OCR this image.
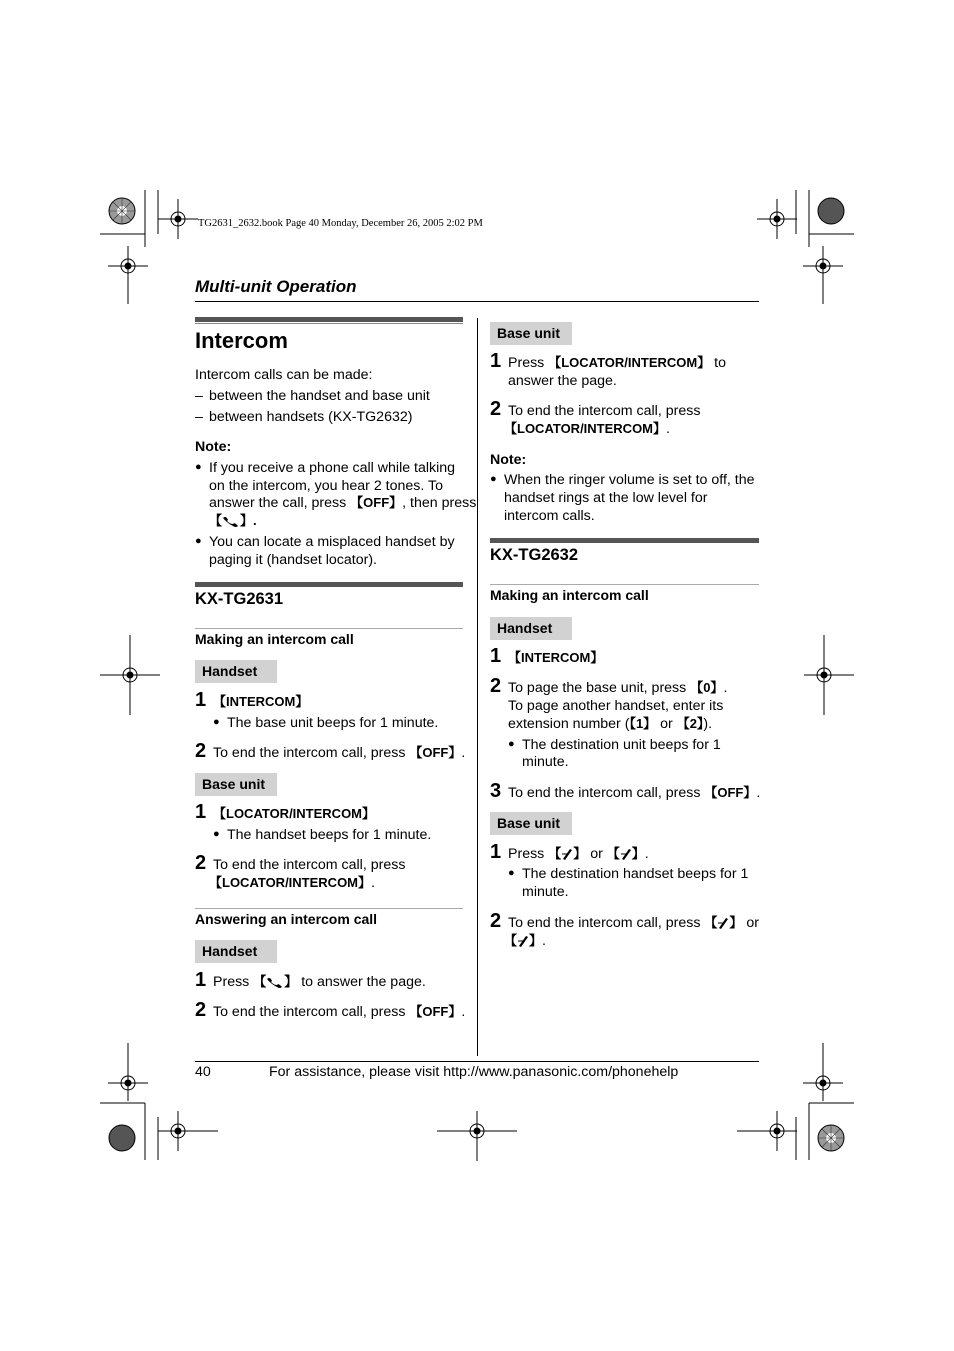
TG2631_2632.book Page 40 Monday, December 26, 2005 2:02 PM
Multi-unit Operation
Intercom
Intercom calls can be made:
– between the handset and base unit
– between handsets (KX-TG2632)
Note:
● If you receive a phone call while talking
on the intercom, you hear 2 tones. To
answer the call, press 【OFF】, then press
【 】.
● You can locate a misplaced handset by
paging it (handset locator).
KX-TG2631
Making an intercom call
Handset
1 【INTERCOM】
● The base unit beeps for 1 minute.
2 To end the intercom call, press 【OFF】.
Base unit
1 【LOCATOR/INTERCOM】
● The handset beeps for 1 minute.
2 To end the intercom call, press
【LOCATOR/INTERCOM】.
Answering an intercom call
Handset
1 Press 【 】 to answer the page.
2 To end the intercom call, press 【OFF】.
Base unit
1 Press 【LOCATOR/INTERCOM】 to
answer the page.
2 To end the intercom call, press
【LOCATOR/INTERCOM】.
Note:
● When the ringer volume is set to off, the
handset rings at the low level for
intercom calls.
KX-TG2632
Making an intercom call
Handset
1 【INTERCOM】
2 To page the base unit, press 【0】.
To page another handset, enter its
extension number (【1】 or 【2】).
● The destination unit beeps for 1
minute.
3 To end the intercom call, press 【OFF】.
Base unit
1 Press 【 】 or 【 】.
● The destination handset beeps for 1
minute.
2 To end the intercom call, press 【 】 or
【 】.
40	For assistance, please visit http://www.panasonic.com/phonehelp
